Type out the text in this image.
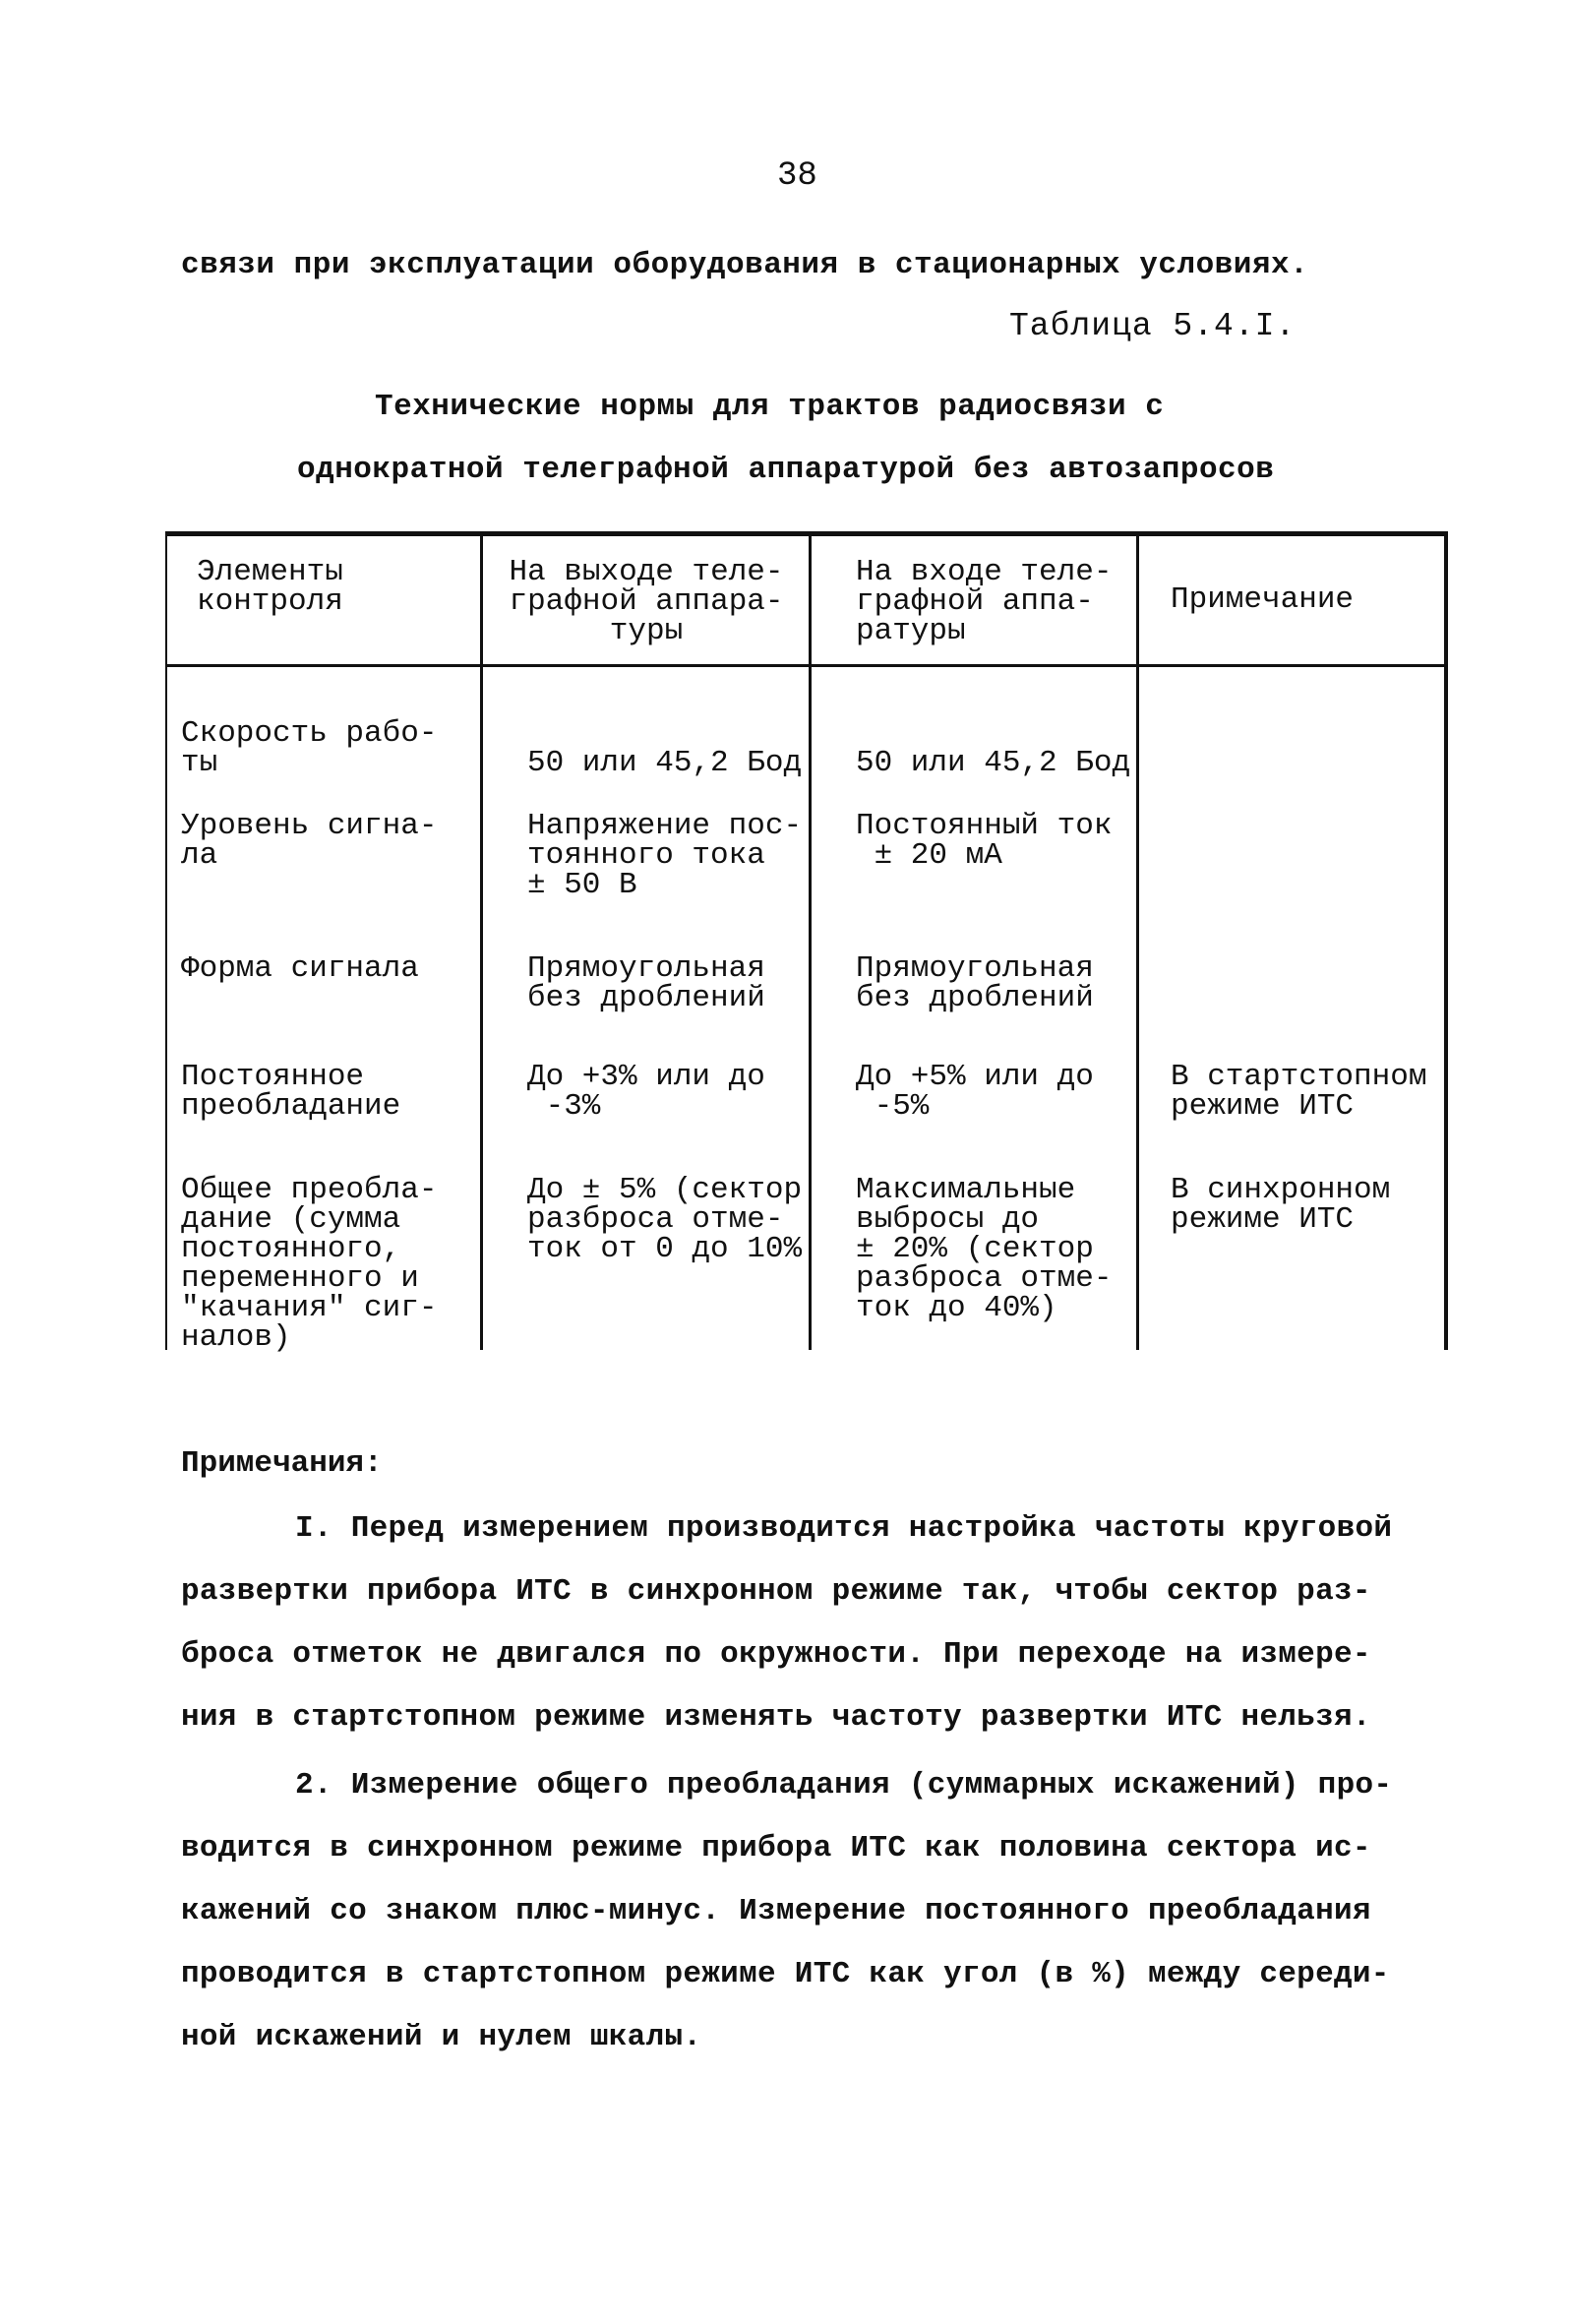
38
связи при эксплуатации оборудования в стационарных условиях.
Таблица 5.4.I.
Технические нормы для трактов радиосвязи с
однократной телеграфной аппаратурой без автозапросов
Элементы
контроля
На выходе теле-
графной аппара-
туры
На входе теле-
графной аппа-
ратуры
Примечание
Скорость рабо-
ты	
50 или 45,2 Бод
50 или 45,2 Бод
Уровень сигна-
ла
Напряжение пос-
тоянного тока
± 50 В
Постоянный ток
± 20 мА
Форма сигнала	Прямоугольная
без дроблений
Прямоугольная
без дроблений
Постоянное
преобладание
До +3% или до
-3%
До +5% или до
-5%
В стартстопном
режиме ИТС
Общее преобла-
дание (сумма
постоянного,
переменного и
"качания" сиг-
налов)
До ± 5% (сектор
разброса отме-
ток от 0 до 10%
Максимальные
выбросы до
± 20% (сектор
разброса отме-
ток до 40%)
В синхронном
режиме ИТС
Примечания:
I. Перед измерением производится настройка частоты круговой
развертки прибора ИТС в синхронном режиме так, чтобы сектор раз-
броса отметок не двигался по окружности. При переходе на измере-
ния в стартстопном режиме изменять частоту развертки ИТС нельзя.
2. Измерение общего преобладания (суммарных искажений) про-
водится в синхронном режиме прибора ИТС как половина сектора ис-
кажений со знаком плюс-минус. Измерение постоянного преобладания
проводится в стартстопном режиме ИТС как угол (в %) между середи-
ной искажений и нулем шкалы.
